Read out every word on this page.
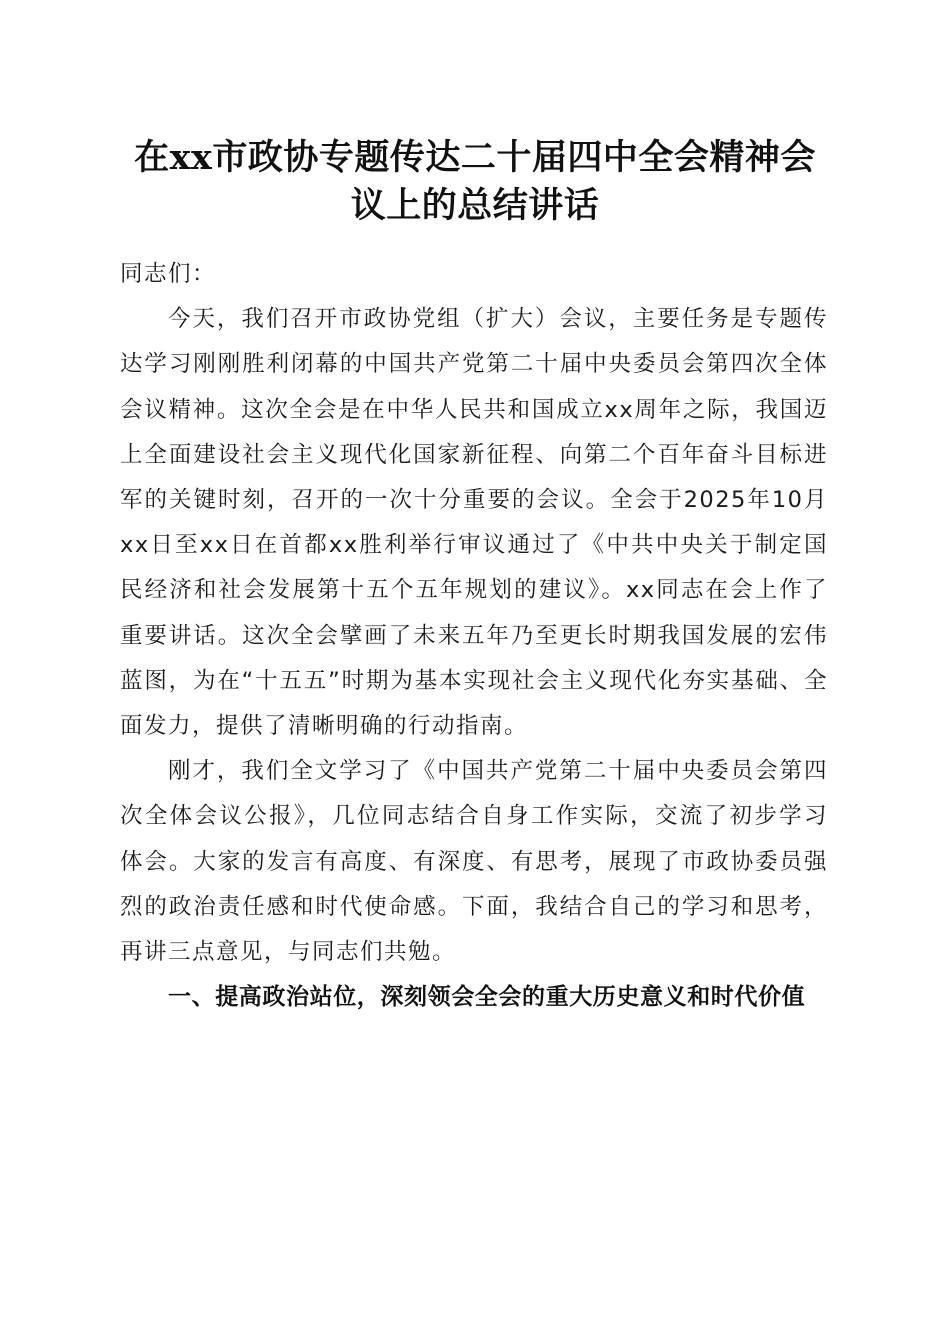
在xx市政协专题传达二十届四中全会精神会
议上的总结讲话

同志们：

今天，我们召开市政协党组（扩大）会议，主要任务是专题传达学习刚刚胜利闭幕的中国共产党第二十届中央委员会第四次全体会议精神。这次全会是在中华人民共和国成立xx周年之际，我国迈上全面建设社会主义现代化国家新征程、向第二个百年奋斗目标进军的关键时刻，召开的一次十分重要的会议。全会于2025年10月xx日至xx日在首都xx胜利举行审议通过了《中共中央关于制定国民经济和社会发展第十五个五年规划的建议》。xx同志在会上作了重要讲话。这次全会擘画了未来五年乃至更长时期我国发展的宏伟蓝图，为在“十五五”时期为基本实现社会主义现代化夯实基础、全面发力，提供了清晰明确的行动指南。

刚才，我们全文学习了《中国共产党第二十届中央委员会第四次全体会议公报》，几位同志结合自身工作实际，交流了初步学习体会。大家的发言有高度、有深度、有思考，展现了市政协委员强烈的政治责任感和时代使命感。下面，我结合自己的学习和思考，再讲三点意见，与同志们共勉。

一、提高政治站位，深刻领会全会的重大历史意义和时代价值
